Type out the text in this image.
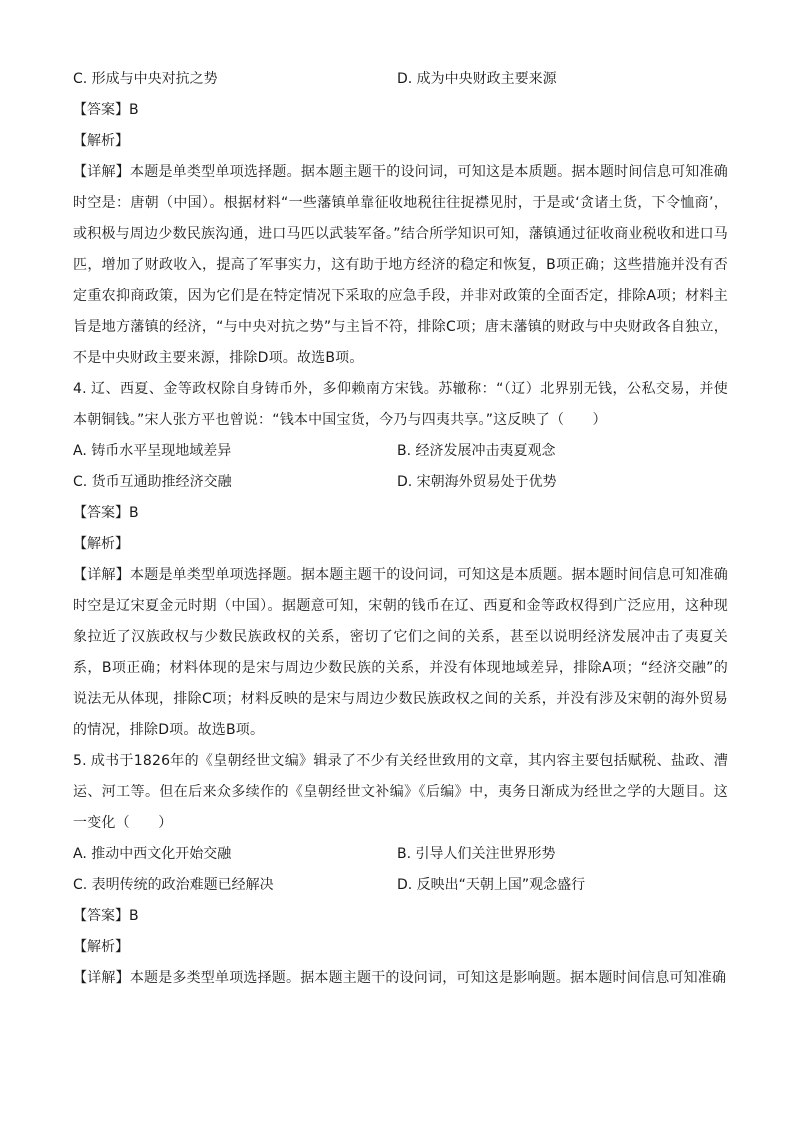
C. 形成与中央对抗之势	D. 成为中央财政主要来源
【答案】B
【解析】
【详解】本题是单类型单项选择题。据本题主题干的设问词，可知这是本质题。据本题时间信息可知准确时空是：唐朝（中国）。根据材料“一些藩镇单靠征收地税往往捉襟见肘，于是或‘贪诸土货，下令恤商’，或积极与周边少数民族沟通，进口马匹以武装军备。”结合所学知识可知，藩镇通过征收商业税收和进口马匹，增加了财政收入，提高了军事实力，这有助于地方经济的稳定和恢复，B项正确；这些措施并没有否定重农抑商政策，因为它们是在特定情况下采取的应急手段，并非对政策的全面否定，排除A项；材料主旨是地方藩镇的经济，“与中央对抗之势”与主旨不符，排除C项；唐末藩镇的财政与中央财政各自独立，不是中央财政主要来源，排除D项。故选B项。
4. 辽、西夏、金等政权除自身铸币外，多仰赖南方宋钱。苏辙称：“（辽）北界别无钱，公私交易，并使本朝铜钱。”宋人张方平也曾说：“钱本中国宝货，今乃与四夷共享。”这反映了（　　）
A. 铸币水平呈现地域差异	B. 经济发展冲击夷夏观念
C. 货币互通助推经济交融	D. 宋朝海外贸易处于优势
【答案】B
【解析】
【详解】本题是单类型单项选择题。据本题主题干的设问词，可知这是本质题。据本题时间信息可知准确时空是辽宋夏金元时期（中国）。据题意可知，宋朝的钱币在辽、西夏和金等政权得到广泛应用，这种现象拉近了汉族政权与少数民族政权的关系，密切了它们之间的关系，甚至以说明经济发展冲击了夷夏关系，B项正确；材料体现的是宋与周边少数民族的关系，并没有体现地域差异，排除A项；“经济交融”的说法无从体现，排除C项；材料反映的是宋与周边少数民族政权之间的关系，并没有涉及宋朝的海外贸易的情况，排除D项。故选B项。
5. 成书于1826年的《皇朝经世文编》辑录了不少有关经世致用的文章，其内容主要包括赋税、盐政、漕运、河工等。但在后来众多续作的《皇朝经世文补编》《后编》中，夷务日渐成为经世之学的大题目。这一变化（　　）
A. 推动中西文化开始交融	B. 引导人们关注世界形势
C. 表明传统的政治难题已经解决	D. 反映出“天朝上国”观念盛行
【答案】B
【解析】
【详解】本题是多类型单项选择题。据本题主题干的设问词，可知这是影响题。据本题时间信息可知准确
